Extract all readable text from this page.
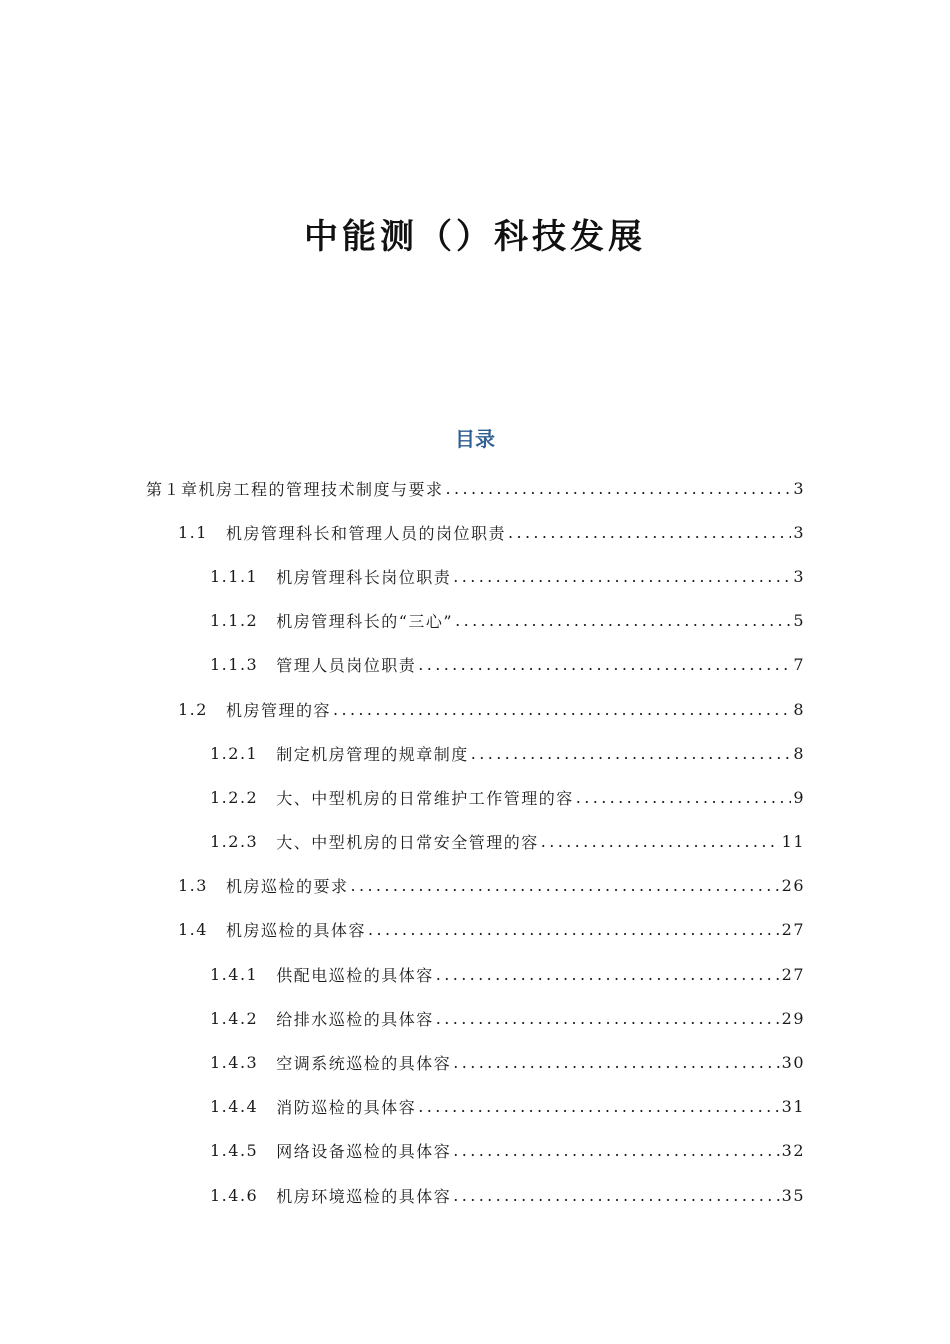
中能测（）科技发展
目录
第１章机房工程的管理技术制度与要求 .....	3
1.1 机房管理科长和管理人员的岗位职责 .....	3
1.1.1 机房管理科长岗位职责 .....	3
1.1.2 机房管理科长的“三心” .....	5
1.1.3 管理人员岗位职责 .....	7
1.2 机房管理的容 .....	8
1.2.1 制定机房管理的规章制度 .....	8
1.2.2 大、中型机房的日常维护工作管理的容 .....	9
1.2.3 大、中型机房的日常安全管理的容 .....	11
1.3 机房巡检的要求 .....	26
1.4 机房巡检的具体容 .....	27
1.4.1 供配电巡检的具体容 .....	27
1.4.2 给排水巡检的具体容 .....	29
1.4.3 空调系统巡检的具体容 .....	30
1.4.4 消防巡检的具体容 .....	31
1.4.5 网络设备巡检的具体容 .....	32
1.4.6 机房环境巡检的具体容 .....	35
